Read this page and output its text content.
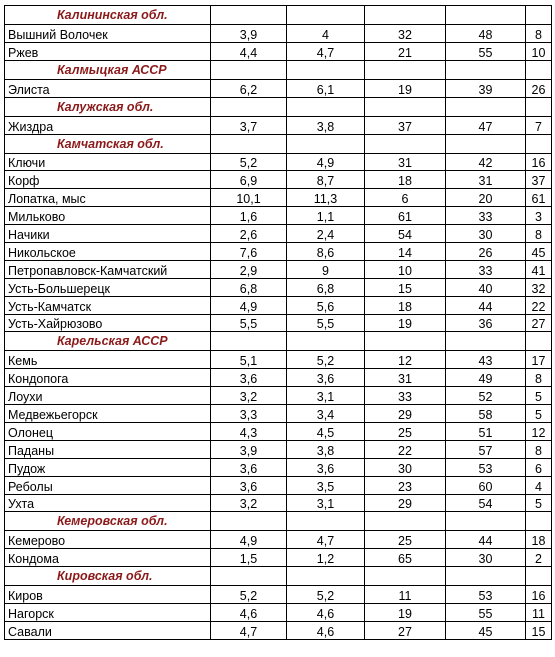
Калининская обл.					
Вышний Волочек	3,9	4	32	48	8
Ржев	4,4	4,7	21	55	10
Калмыцкая АССР					
Элиста	6,2	6,1	19	39	26
Калужская обл.					
Жиздра	3,7	3,8	37	47	7
Камчатская обл.					
Ключи	5,2	4,9	31	42	16
Корф	6,9	8,7	18	31	37
Лопатка, мыс	10,1	11,3	6	20	61
Мильково	1,6	1,1	61	33	3
Начики	2,6	2,4	54	30	8
Никольское	7,6	8,6	14	26	45
Петропавловск-Камчатский	2,9	9	10	33	41
Усть-Большерецк	6,8	6,8	15	40	32
Усть-Камчатск	4,9	5,6	18	44	22
Усть-Хайрюзово	5,5	5,5	19	36	27
Карельская АССР					
Кемь	5,1	5,2	12	43	17
Кондопога	3,6	3,6	31	49	8
Лоухи	3,2	3,1	33	52	5
Медвежьегорск	3,3	3,4	29	58	5
Олонец	4,3	4,5	25	51	12
Паданы	3,9	3,8	22	57	8
Пудож	3,6	3,6	30	53	6
Реболы	3,6	3,5	23	60	4
Ухта	3,2	3,1	29	54	5
Кемеровская обл.					
Кемерово	4,9	4,7	25	44	18
Кондома	1,5	1,2	65	30	2
Кировская обл.					
Киров	5,2	5,2	11	53	16
Нагорск	4,6	4,6	19	55	11
Савали	4,7	4,6	27	45	15
